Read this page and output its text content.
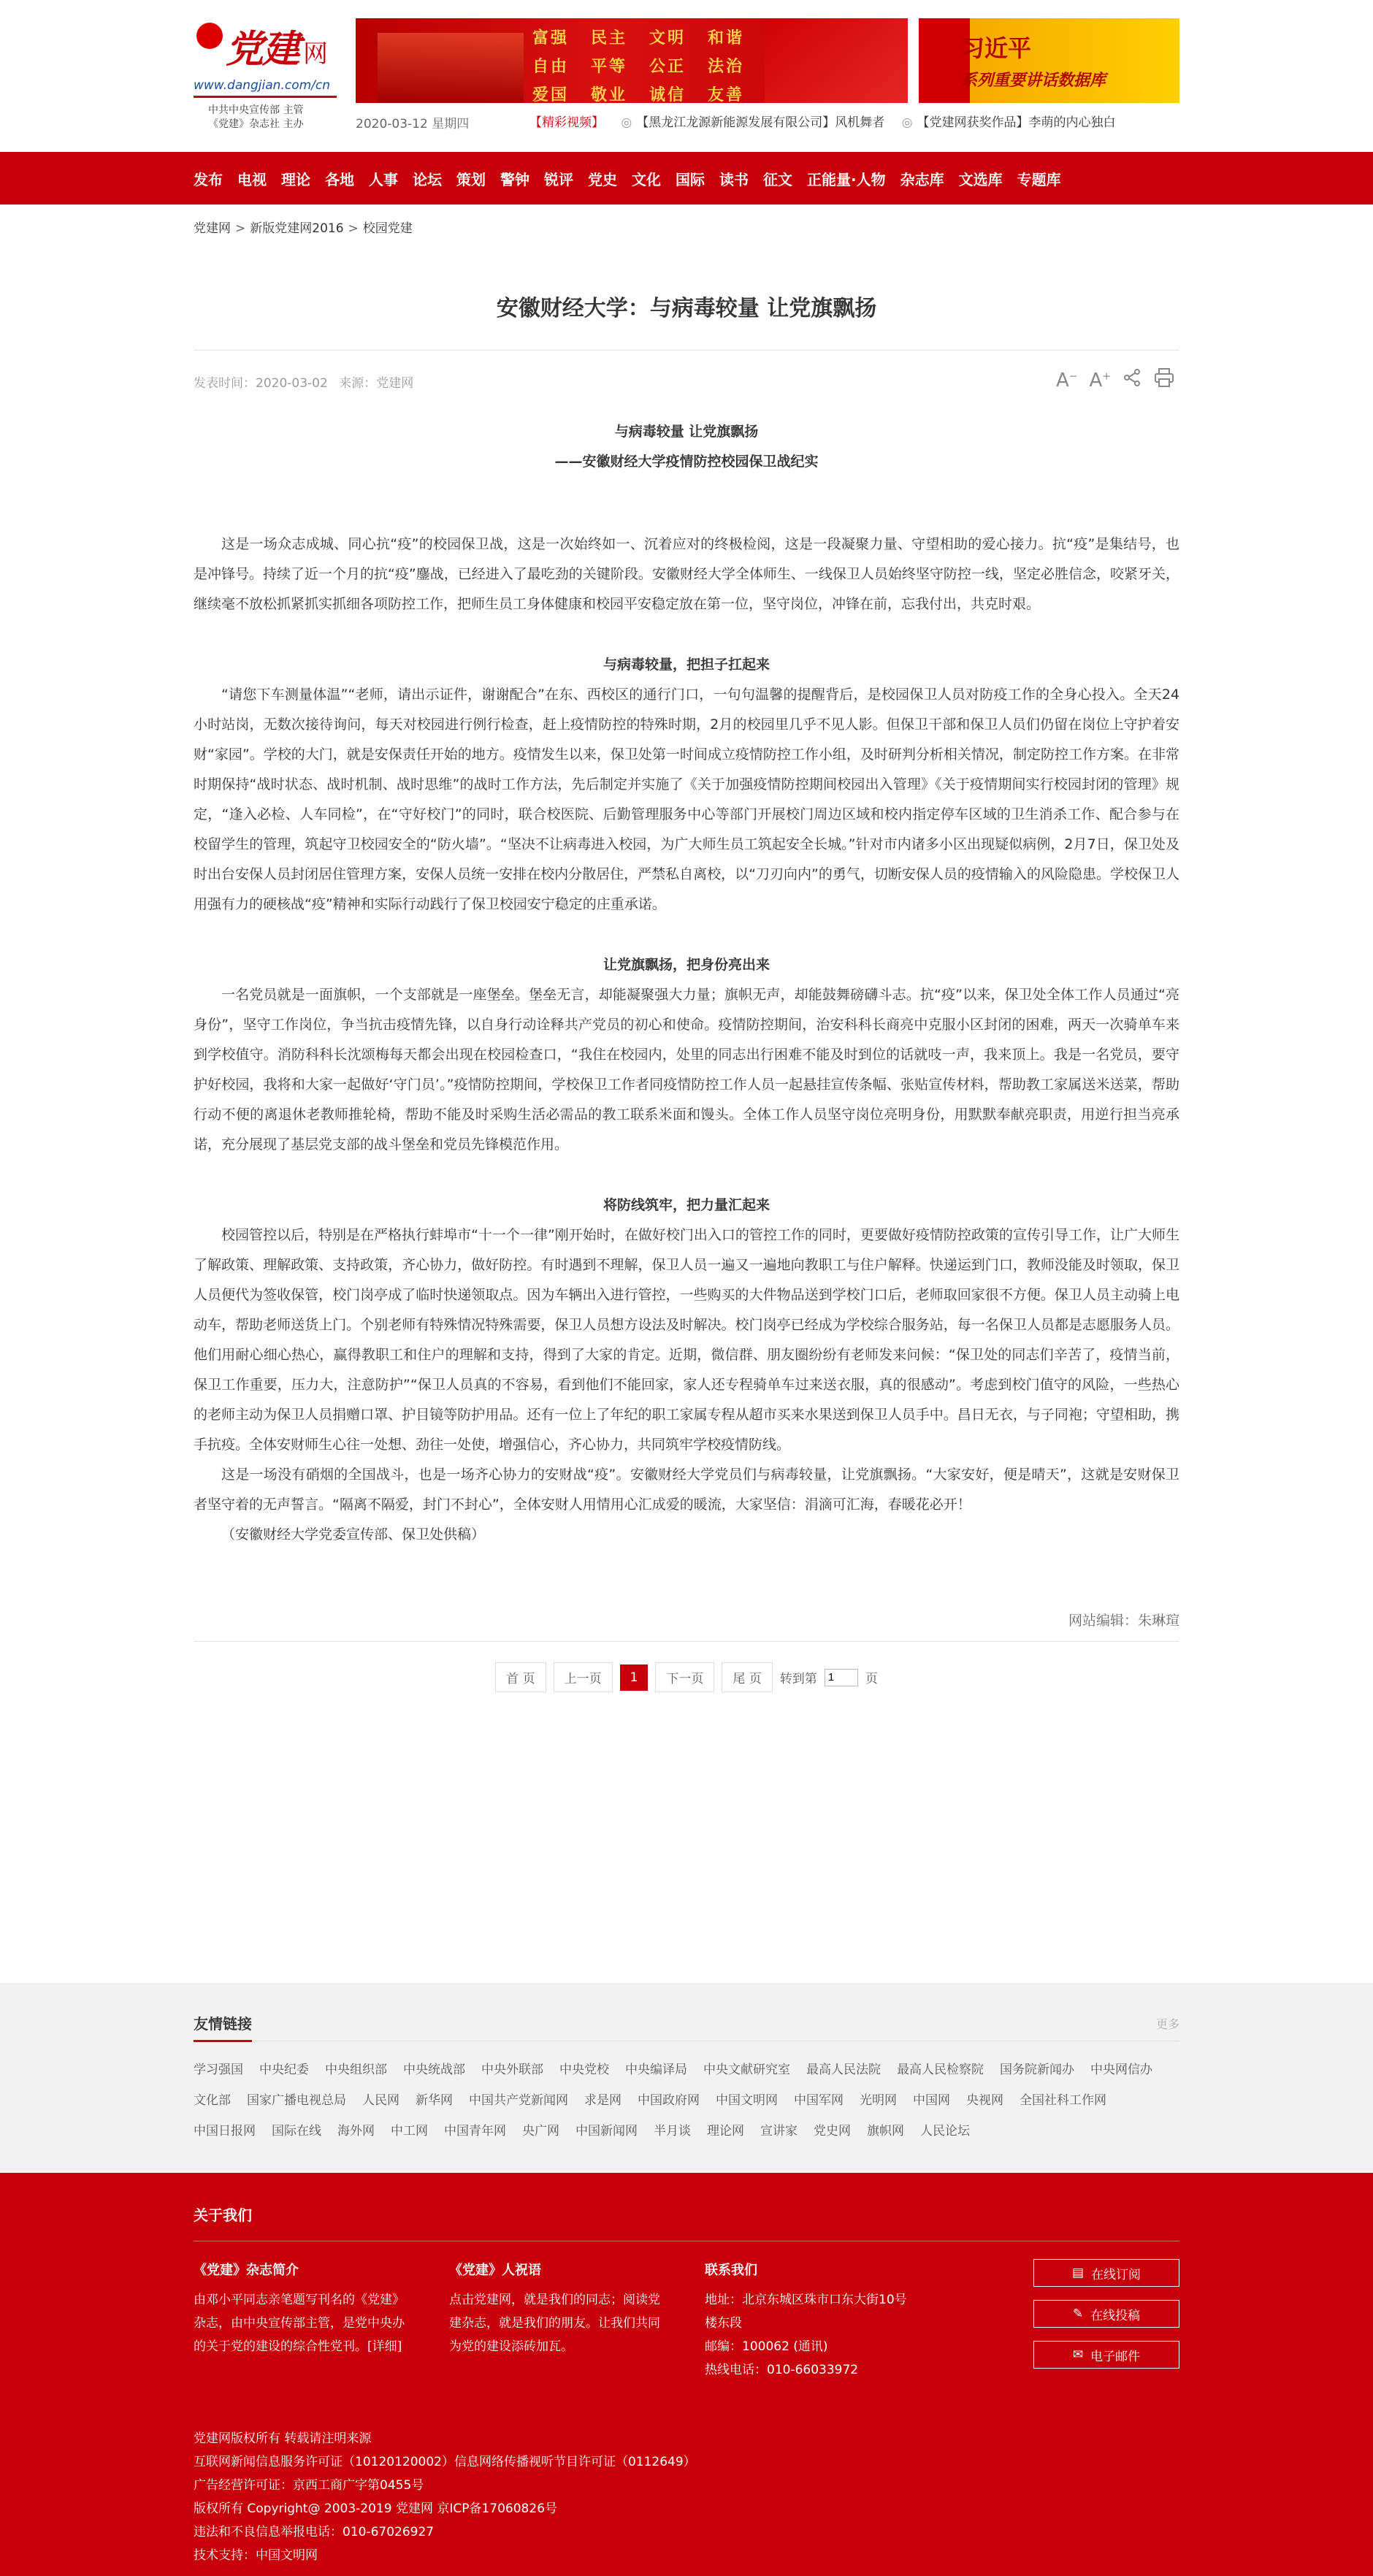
党建 网
www.dangjian.com/cn
中共中央宣传部 主管
《党建》杂志社 主办
富强	民主	文明	和谐
自由	平等	公正	法治
爱国	敬业	诚信	友善
习近平
系列重要讲话数据库
2020-03-12 星期四	【精彩视频】 ◎ 【黑龙江龙源新能源发展有限公司】风机舞者 ◎ 【党建网获奖作品】李萌的内心独白
发布 电视 理论 各地 人事 论坛 策划 警钟 锐评 党史 文化 国际 读书 征文 正能量·人物 杂志库 文选库 专题库
党建网 > 新版党建网2016 > 校园党建
安徽财经大学：与病毒较量 让党旗飘扬
发表时间：2020-03-02 来源：党建网	A− A+

与病毒较量 让党旗飘扬

——安徽财经大学疫情防控校园保卫战纪实

这是一场众志成城、同心抗“疫”的校园保卫战，这是一次始终如一、沉着应对的终极检阅，这是一段凝聚力量、守望相助的爱心接力。抗“疫”是集结号，也是冲锋号。持续了近一个月的抗“疫”鏖战，已经进入了最吃劲的关键阶段。安徽财经大学全体师生、一线保卫人员始终坚守防控一线，坚定必胜信念，咬紧牙关，继续毫不放松抓紧抓实抓细各项防控工作，把师生员工身体健康和校园平安稳定放在第一位，坚守岗位，冲锋在前，忘我付出，共克时艰。

与病毒较量，把担子扛起来

“请您下车测量体温”“老师，请出示证件，谢谢配合”在东、西校区的通行门口，一句句温馨的提醒背后，是校园保卫人员对防疫工作的全身心投入。全天24小时站岗，无数次接待询问，每天对校园进行例行检查，赶上疫情防控的特殊时期，2月的校园里几乎不见人影。但保卫干部和保卫人员们仍留在岗位上守护着安财“家园”。学校的大门，就是安保责任开始的地方。疫情发生以来，保卫处第一时间成立疫情防控工作小组，及时研判分析相关情况，制定防控工作方案。在非常时期保持“战时状态、战时机制、战时思维”的战时工作方法，先后制定并实施了《关于加强疫情防控期间校园出入管理》《关于疫情期间实行校园封闭的管理》规定，“逢入必检、人车同检”，在“守好校门”的同时，联合校医院、后勤管理服务中心等部门开展校门周边区域和校内指定停车区域的卫生消杀工作、配合参与在校留学生的管理，筑起守卫校园安全的“防火墙”。“坚决不让病毒进入校园，为广大师生员工筑起安全长城。”针对市内诸多小区出现疑似病例，2月7日，保卫处及时出台安保人员封闭居住管理方案，安保人员统一安排在校内分散居住，严禁私自离校，以“刀刃向内”的勇气，切断安保人员的疫情输入的风险隐患。学校保卫人用强有力的硬核战“疫”精神和实际行动践行了保卫校园安宁稳定的庄重承诺。

让党旗飘扬，把身份亮出来

一名党员就是一面旗帜，一个支部就是一座堡垒。堡垒无言，却能凝聚强大力量；旗帜无声，却能鼓舞磅礴斗志。抗“疫”以来，保卫处全体工作人员通过“亮身份”，坚守工作岗位，争当抗击疫情先锋，以自身行动诠释共产党员的初心和使命。疫情防控期间，治安科科长商亮中克服小区封闭的困难，两天一次骑单车来到学校值守。消防科科长沈颂梅每天都会出现在校园检查口，“我住在校园内，处里的同志出行困难不能及时到位的话就吱一声，我来顶上。我是一名党员，要守护好校园，我将和大家一起做好‘守门员’。”疫情防控期间，学校保卫工作者同疫情防控工作人员一起悬挂宣传条幅、张贴宣传材料，帮助教工家属送米送菜，帮助行动不便的离退休老教师推轮椅，帮助不能及时采购生活必需品的教工联系米面和馒头。全体工作人员坚守岗位亮明身份，用默默奉献亮职责，用逆行担当亮承诺，充分展现了基层党支部的战斗堡垒和党员先锋模范作用。

将防线筑牢，把力量汇起来

校园管控以后，特别是在严格执行蚌埠市“十一个一律”刚开始时，在做好校门出入口的管控工作的同时，更要做好疫情防控政策的宣传引导工作，让广大师生了解政策、理解政策、支持政策，齐心协力，做好防控。有时遇到不理解，保卫人员一遍又一遍地向教职工与住户解释。快递运到门口，教师没能及时领取，保卫人员便代为签收保管，校门岗亭成了临时快递领取点。因为车辆出入进行管控，一些购买的大件物品送到学校门口后，老师取回家很不方便。保卫人员主动骑上电动车，帮助老师送货上门。个别老师有特殊情况特殊需要，保卫人员想方设法及时解决。校门岗亭已经成为学校综合服务站，每一名保卫人员都是志愿服务人员。他们用耐心细心热心，赢得教职工和住户的理解和支持，得到了大家的肯定。近期，微信群、朋友圈纷纷有老师发来问候：“保卫处的同志们辛苦了，疫情当前，保卫工作重要，压力大，注意防护”“保卫人员真的不容易，看到他们不能回家，家人还专程骑单车过来送衣服，真的很感动”。考虑到校门值守的风险，一些热心的老师主动为保卫人员捐赠口罩、护目镜等防护用品。还有一位上了年纪的职工家属专程从超市买来水果送到保卫人员手中。昌日无衣，与子同袍；守望相助，携手抗疫。全体安财师生心往一处想、劲往一处使，增强信心，齐心协力，共同筑牢学校疫情防线。

这是一场没有硝烟的全国战斗，也是一场齐心协力的安财战“疫”。安徽财经大学党员们与病毒较量，让党旗飘扬。“大家安好，便是晴天”，这就是安财保卫者坚守着的无声誓言。“隔离不隔爱，封门不封心”，全体安财人用情用心汇成爱的暖流，大家坚信：涓滴可汇海，春暖花必开！

（安徽财经大学党委宣传部、保卫处供稿）

网站编辑：朱琳瑄
首 页	上一页	1	下一页	尾 页	转到第
1	页
友情链接	更多
学习强国 中央纪委 中央组织部 中央统战部 中央外联部 中央党校 中央编译局 中央文献研究室 最高人民法院 最高人民检察院 国务院新闻办 中央网信办文化部 国家广播电视总局 人民网 新华网 中国共产党新闻网 求是网 中国政府网 中国文明网 中国军网 光明网 中国网 央视网 全国社科工作网中国日报网 国际在线 海外网 中工网 中国青年网 央广网 中国新闻网 半月谈 理论网 宣讲家 党史网 旗帜网 人民论坛
关于我们
《党建》杂志简介
由邓小平同志亲笔题写刊名的《党建》杂志，由中央宣传部主管，是党中央办的关于党的建设的综合性党刊。[详细]
《党建》人祝语
点击党建网，就是我们的同志；阅读党建杂志，就是我们的朋友。让我们共同为党的建设添砖加瓦。
联系我们
地址：北京东城区珠市口东大街10号楼东段
邮编：100062 (通讯)
热线电话：010-66033972
▤ 在线订阅
✎ 在线投稿
✉ 电子邮件
党建网版权所有 转载请注明来源
互联网新闻信息服务许可证（10120120002）信息网络传播视听节目许可证（0112649）
广告经营许可证：京西工商广字第0455号
版权所有 Copyright@ 2003-2019 党建网 京ICP备17060826号
违法和不良信息举报电话：010-67026927
技术支持：中国文明网
